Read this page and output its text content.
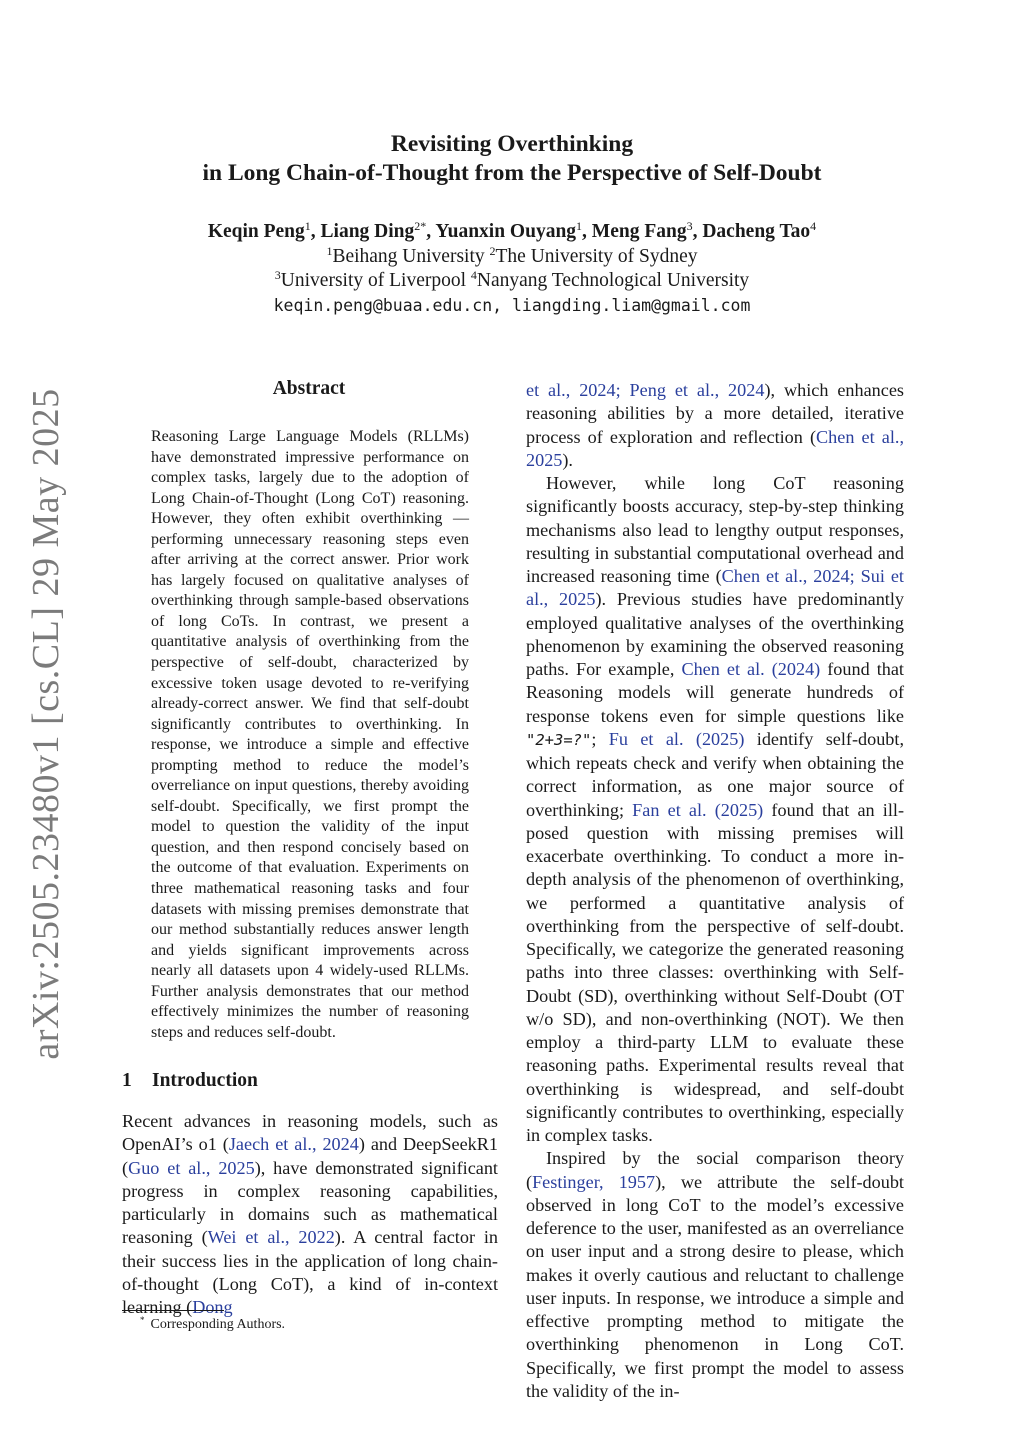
arXiv:2505.23480v1 [cs.CL] 29 May 2025
Revisiting Overthinking
in Long Chain-of-Thought from the Perspective of Self-Doubt
Keqin Peng$^1$, Liang Ding$^{2*}$, Yuanxin Ouyang$^1$, Meng Fang$^3$, Dacheng Tao$^4$
$^1$Beihang University $^2$The University of Sydney
$^3$University of Liverpool $^4$Nanyang Technological University
keqin.peng@buaa.edu.cn, liangding.liam@gmail.com
Abstract
Reasoning Large Language Models (RLLMs) have demonstrated impressive performance on complex tasks, largely due to the adoption of Long Chain-of-Thought (Long CoT) reasoning. However, they often exhibit overthinking — performing unnecessary reasoning steps even after arriving at the correct answer. Prior work has largely focused on qualitative analyses of overthinking through sample-based observations of long CoTs. In contrast, we present a quantitative analysis of overthinking from the perspective of self-doubt, characterized by excessive token usage devoted to re-verifying already-correct answer. We find that self-doubt significantly contributes to overthinking. In response, we introduce a simple and effective prompting method to reduce the model’s overreliance on input questions, thereby avoiding self-doubt. Specifically, we first prompt the model to question the validity of the input question, and then respond concisely based on the outcome of that evaluation. Experiments on three mathematical reasoning tasks and four datasets with missing premises demonstrate that our method substantially reduces answer length and yields significant improvements across nearly all datasets upon 4 widely-used RLLMs. Further analysis demonstrates that our method effectively minimizes the number of reasoning steps and reduces self-doubt.
1 Introduction

Recent advances in reasoning models, such as OpenAI’s o1 (Jaech et al., 2024) and DeepSeekR1 (Guo et al., 2025), have demonstrated significant progress in complex reasoning capabilities, particularly in domains such as mathematical reasoning (Wei et al., 2022). A central factor in their success lies in the application of long chain-of-thought (Long CoT), a kind of in-context learning (Dong

et al., 2024; Peng et al., 2024), which enhances reasoning abilities by a more detailed, iterative process of exploration and reflection (Chen et al., 2025).

However, while long CoT reasoning significantly boosts accuracy, step-by-step thinking mechanisms also lead to lengthy output responses, resulting in substantial computational overhead and increased reasoning time (Chen et al., 2024; Sui et al., 2025). Previous studies have predominantly employed qualitative analyses of the overthinking phenomenon by examining the observed reasoning paths. For example, Chen et al. (2024) found that Reasoning models will generate hundreds of response tokens even for simple questions like "2+3=?"; Fu et al. (2025) identify self-doubt, which repeats check and verify when obtaining the correct information, as one major source of overthinking; Fan et al. (2025) found that an ill-posed question with missing premises will exacerbate overthinking. To conduct a more in-depth analysis of the phenomenon of overthinking, we performed a quantitative analysis of overthinking from the perspective of self-doubt. Specifically, we categorize the generated reasoning paths into three classes: overthinking with Self-Doubt (SD), overthinking without Self-Doubt (OT w/o SD), and non-overthinking (NOT). We then employ a third-party LLM to evaluate these reasoning paths. Experimental results reveal that overthinking is widespread, and self-doubt significantly contributes to overthinking, especially in complex tasks.

Inspired by the social comparison theory (Festinger, 1957), we attribute the self-doubt observed in long CoT to the model’s excessive deference to the user, manifested as an overreliance on user input and a strong desire to please, which makes it overly cautious and reluctant to challenge user inputs. In response, we introduce a simple and effective prompting method to mitigate the overthinking phenomenon in Long CoT. Specifically, we first prompt the model to assess the validity of the in-

* Corresponding Authors.
